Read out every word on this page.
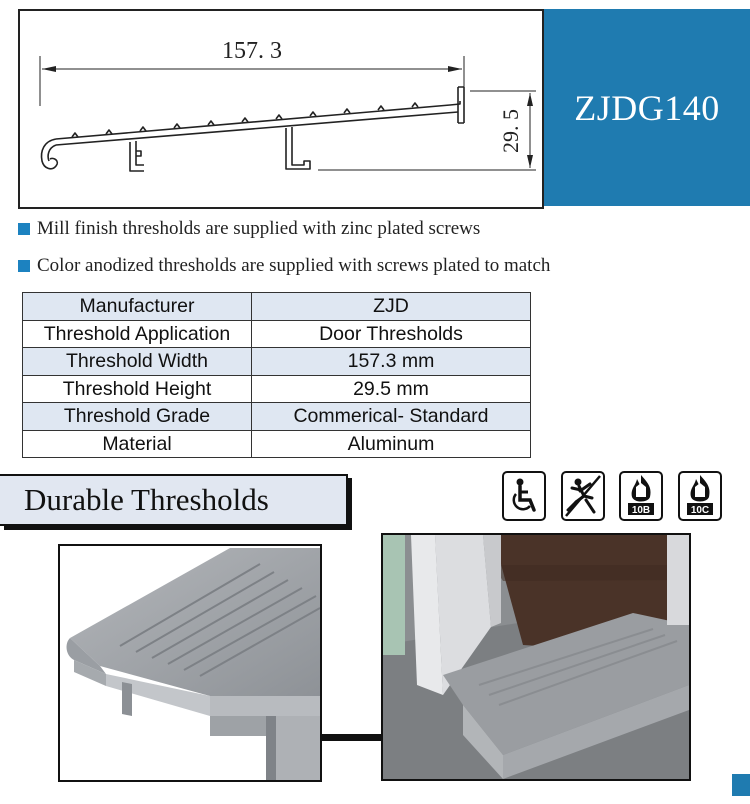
157. 3
29. 5
ZJDG140
Mill finish thresholds are supplied with zinc plated screws
Color anodized thresholds are supplied with screws plated to match
Manufacturer	ZJD
Threshold Application	Door Thresholds
Threshold Width	157.3 mm
Threshold Height	29.5 mm
Threshold Grade	Commerical- Standard
Material	Aluminum
Durable Thresholds	10B	10C
